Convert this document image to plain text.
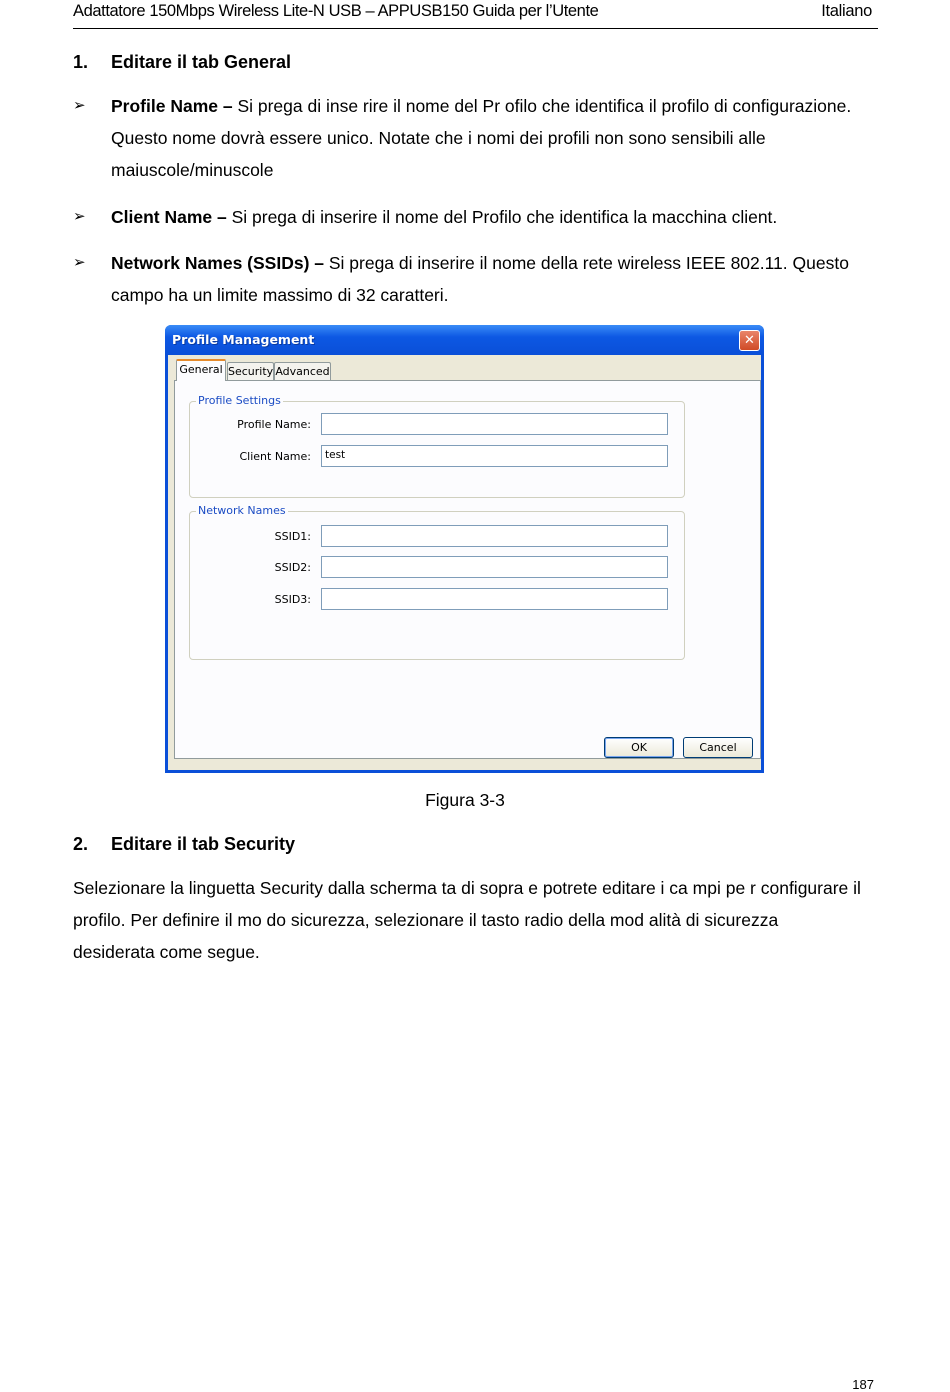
Adattatore 150Mbps Wireless Lite-N USB – APPUSB150 Guida per l’Utente	Italiano
1. Editare il tab General
➢ Profile Name – Si prega di inse rire il nome del Pr ofilo che identifica il profilo di configurazione. Questo nome dovrà essere unico. Notate che i nomi dei profili non sono sensibili alle maiuscole/minuscole
➢ Client Name – Si prega di inserire il nome del Profilo che identifica la macchina client.
➢ Network Names (SSIDs) – Si prega di inserire il nome della rete wireless IEEE 802.11. Questo campo ha un limite massimo di 32 caratteri.
Profile Management	✕
General Security Advanced
Profile Settings
Profile Name:
Client Name:	test
Network Names
SSID1:
SSID2:
SSID3:
OK	Cancel
Figura 3-3
2. Editare il tab Security
Selezionare la linguetta Security dalla scherma ta di sopra e potrete editare i ca mpi pe r configurare il profilo. Per definire il mo do sicurezza, selezionare il tasto radio della mod alità di sicurezza desiderata come segue.
187
